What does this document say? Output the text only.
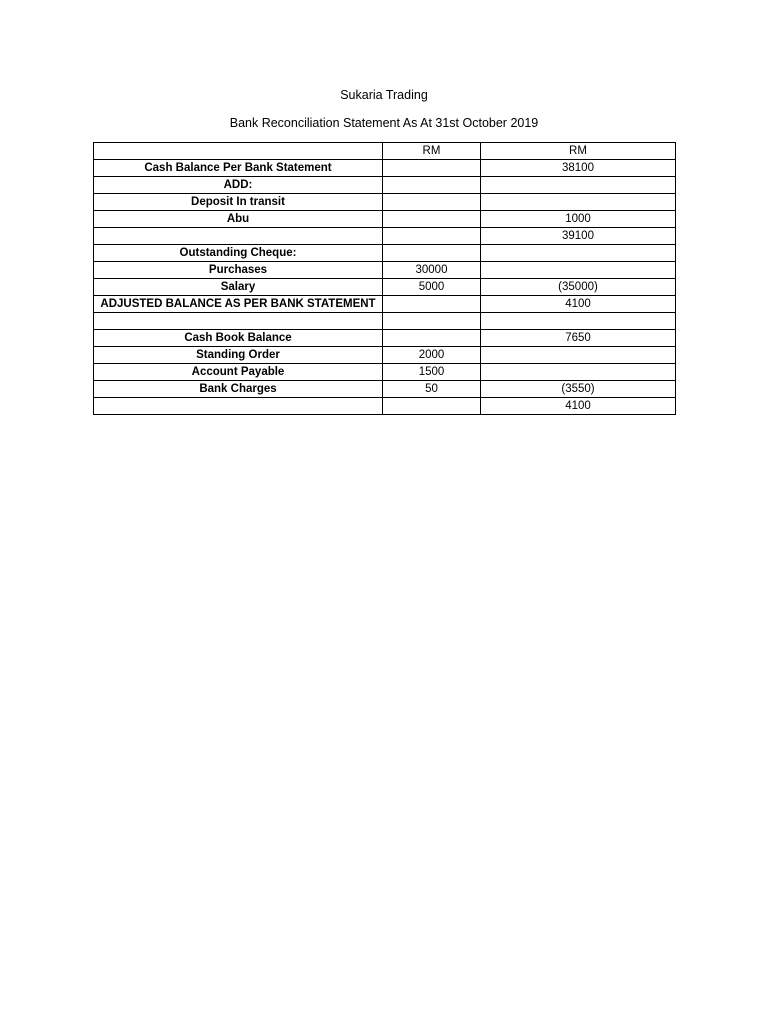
Sukaria Trading
Bank Reconciliation Statement As At 31st October 2019
	RM	RM
Cash Balance Per Bank Statement		38100
ADD:		
Deposit In transit		
Abu		1000
		39100
Outstanding Cheque:		
Purchases	30000	
Salary	5000	(35000)
ADJUSTED BALANCE AS PER BANK STATEMENT		4100

Cash Book Balance		7650
Standing Order	2000	
Account Payable	1500	
Bank Charges	50	(3550)
		4100
